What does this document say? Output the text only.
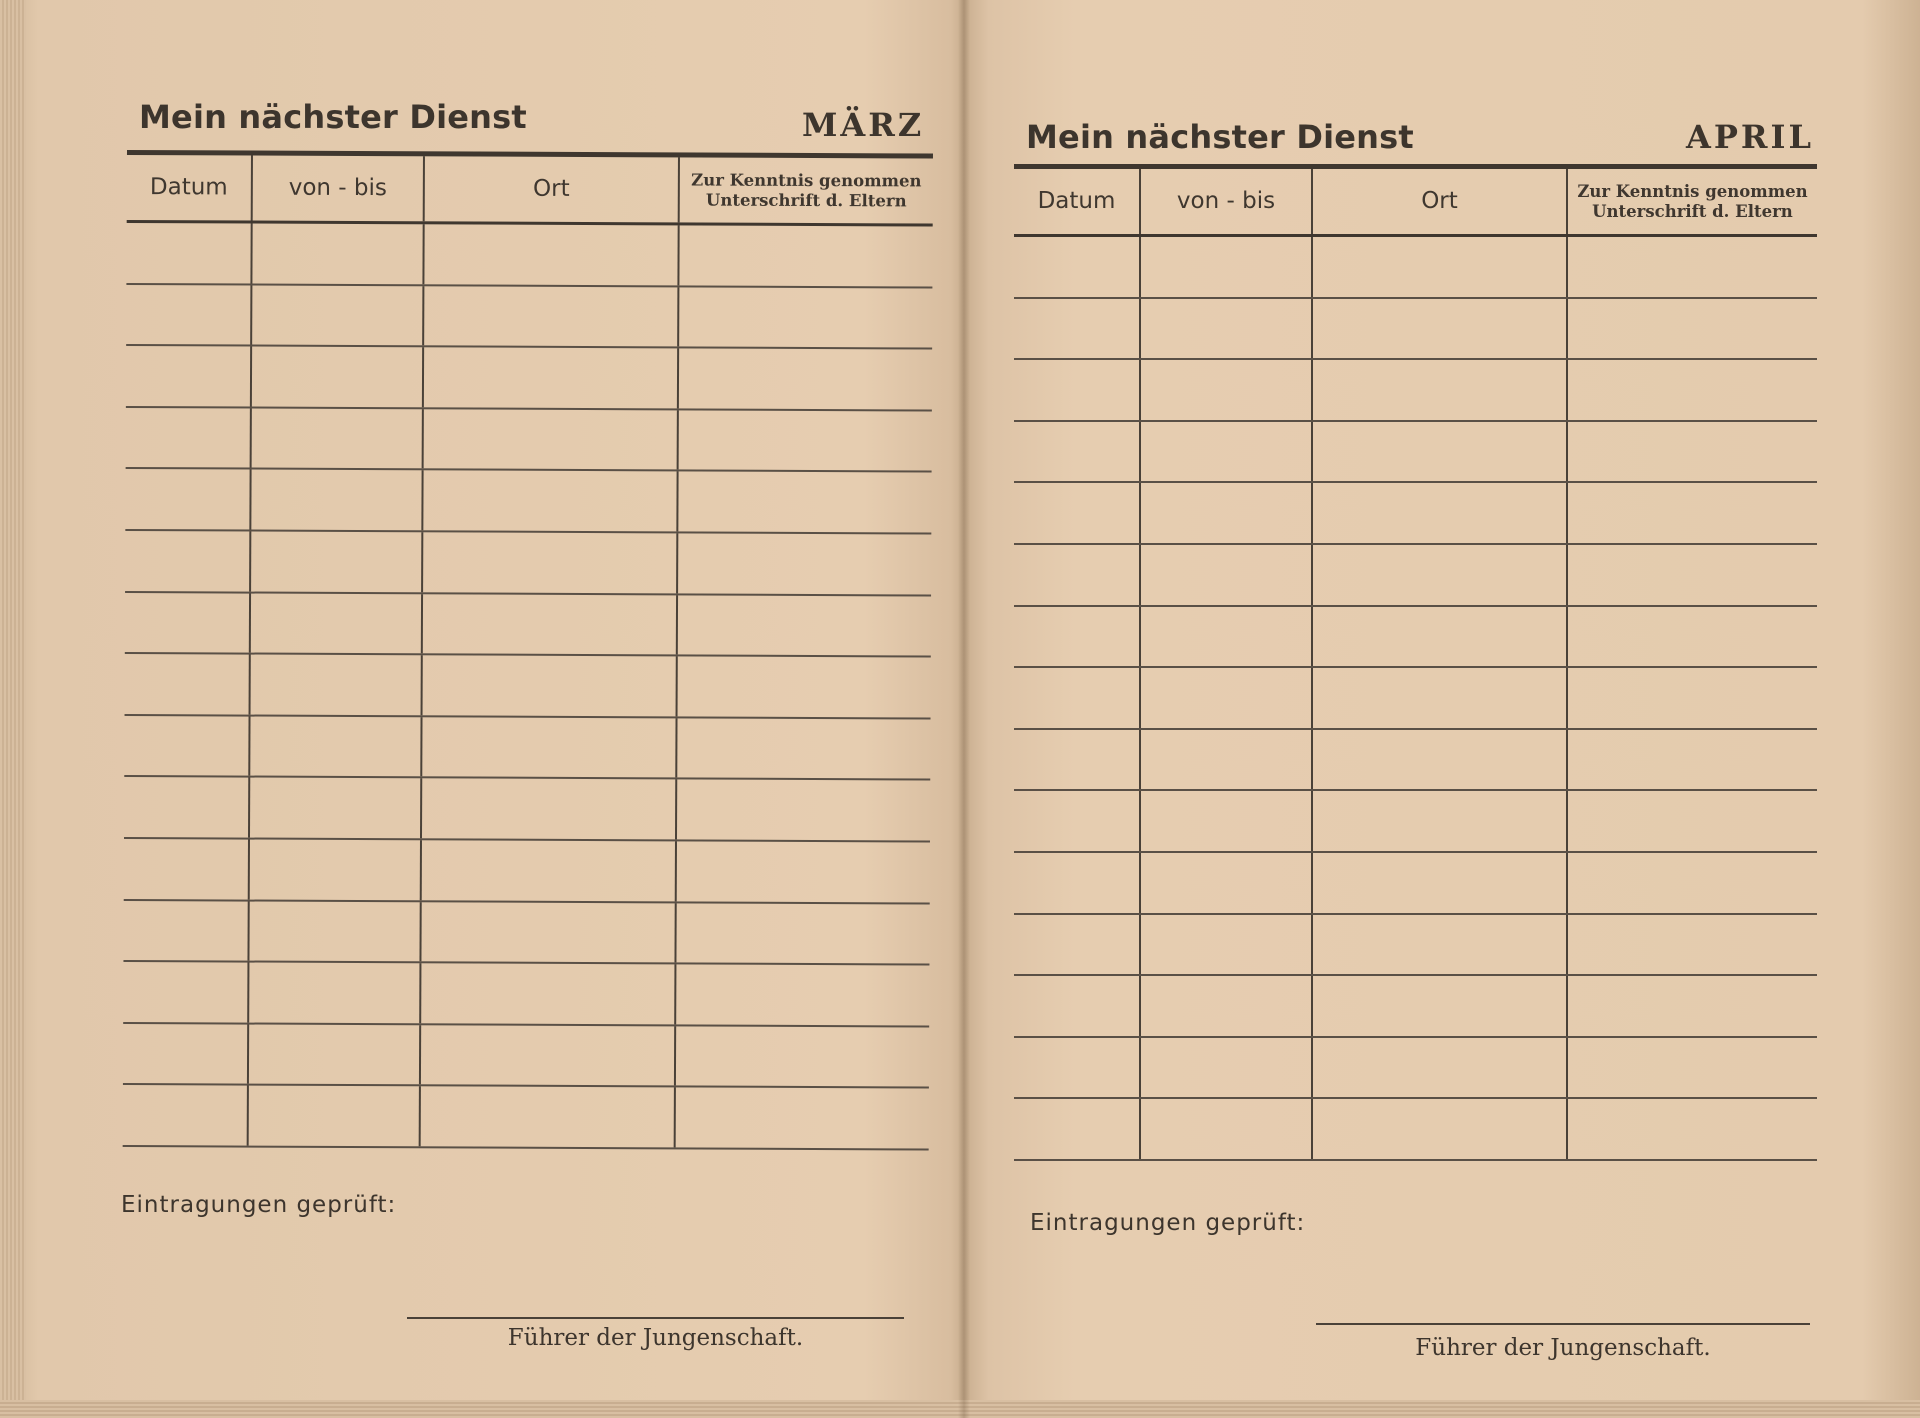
Mein nächster Dienst	MÄRZ
Datum	von - bis	Ort	Zur Kenntnis genommen
Unterschrift d. Eltern
Eintragungen geprüft:
Führer der Jungenschaft.
Mein nächster Dienst	APRIL
Datum	von - bis	Ort	Zur Kenntnis genommen
Unterschrift d. Eltern
Eintragungen geprüft:
Führer der Jungenschaft.
